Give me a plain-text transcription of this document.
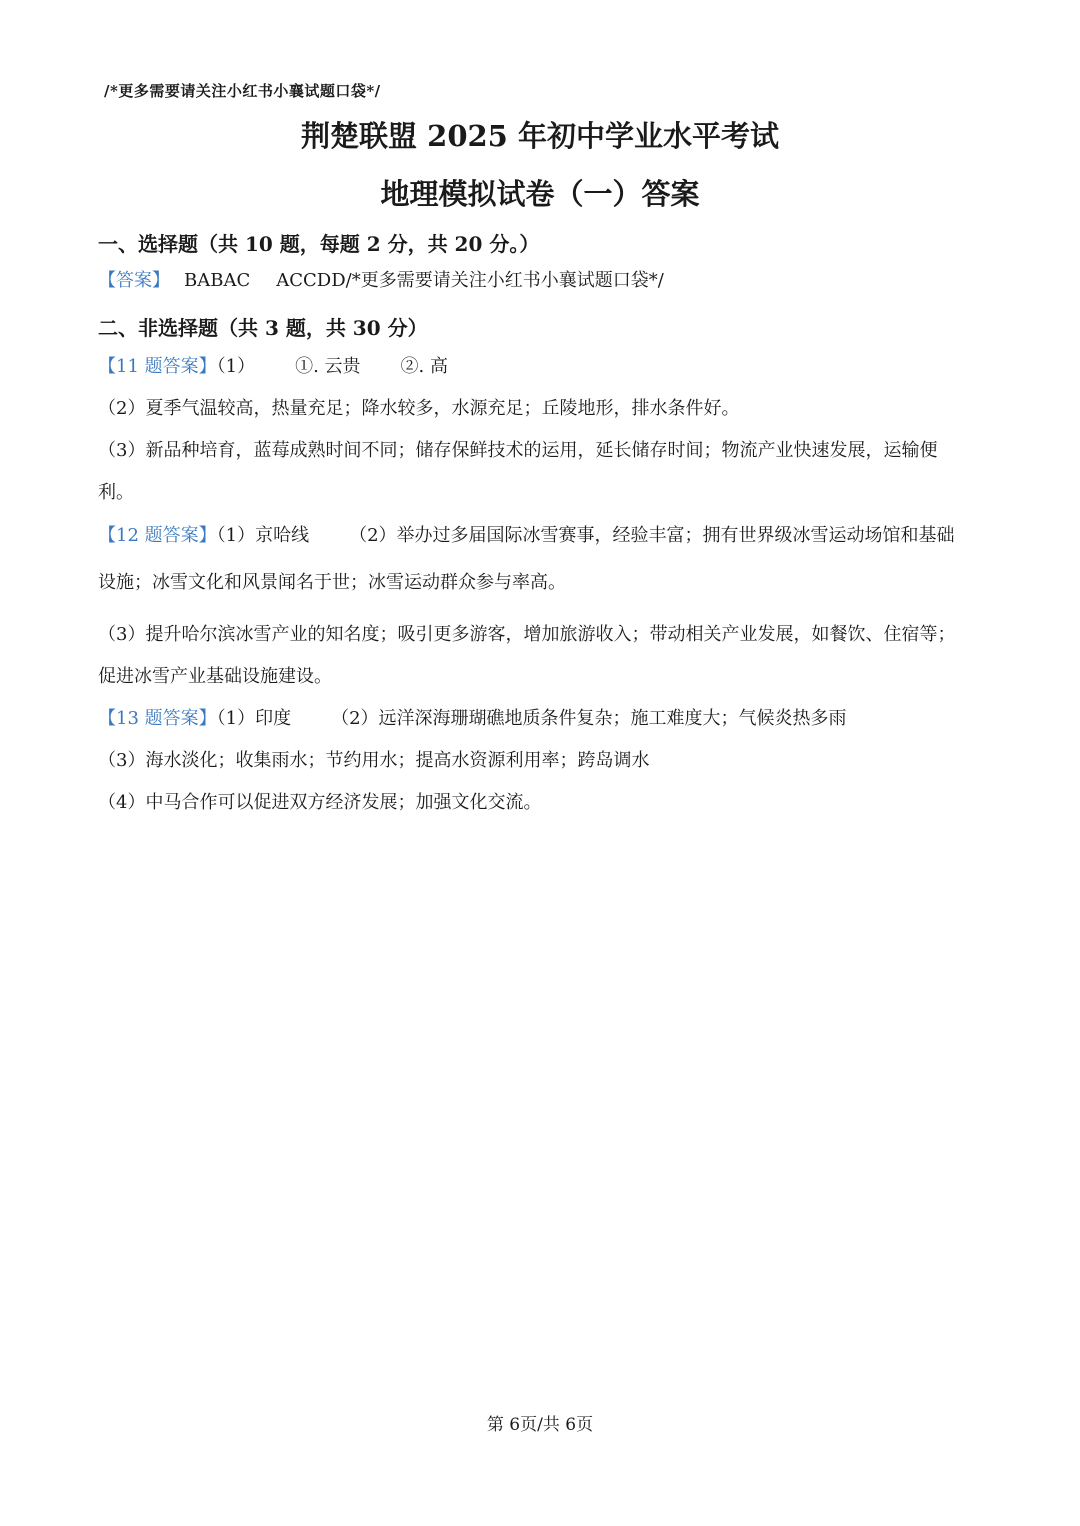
/*更多需要请关注小红书小襄试题口袋*/
荆楚联盟 2025 年初中学业水平考试
地理模拟试卷（一）答案
一、选择题（共 10 题，每题 2 分，共 20 分。）
【答案】 BABAC ACCDD/*更多需要请关注小红书小襄试题口袋*/
二、非选择题（共 3 题，共 30 分）
【11 题答案】（1） ①. 云贵 ②. 高
（2）夏季气温较高，热量充足；降水较多，水源充足；丘陵地形，排水条件好。
（3）新品种培育，蓝莓成熟时间不同；储存保鲜技术的运用，延长储存时间；物流产业快速发展，运输便
利。
【12 题答案】（1）京哈线 （2）举办过多届国际冰雪赛事，经验丰富；拥有世界级冰雪运动场馆和基础
设施；冰雪文化和风景闻名于世；冰雪运动群众参与率高。
（3）提升哈尔滨冰雪产业的知名度；吸引更多游客，增加旅游收入；带动相关产业发展，如餐饮、住宿等；
促进冰雪产业基础设施建设。
【13 题答案】（1）印度 （2）远洋深海珊瑚礁地质条件复杂；施工难度大；气候炎热多雨
（3）海水淡化；收集雨水；节约用水；提高水资源利用率；跨岛调水
（4）中马合作可以促进双方经济发展；加强文化交流。
第 6页/共 6页
